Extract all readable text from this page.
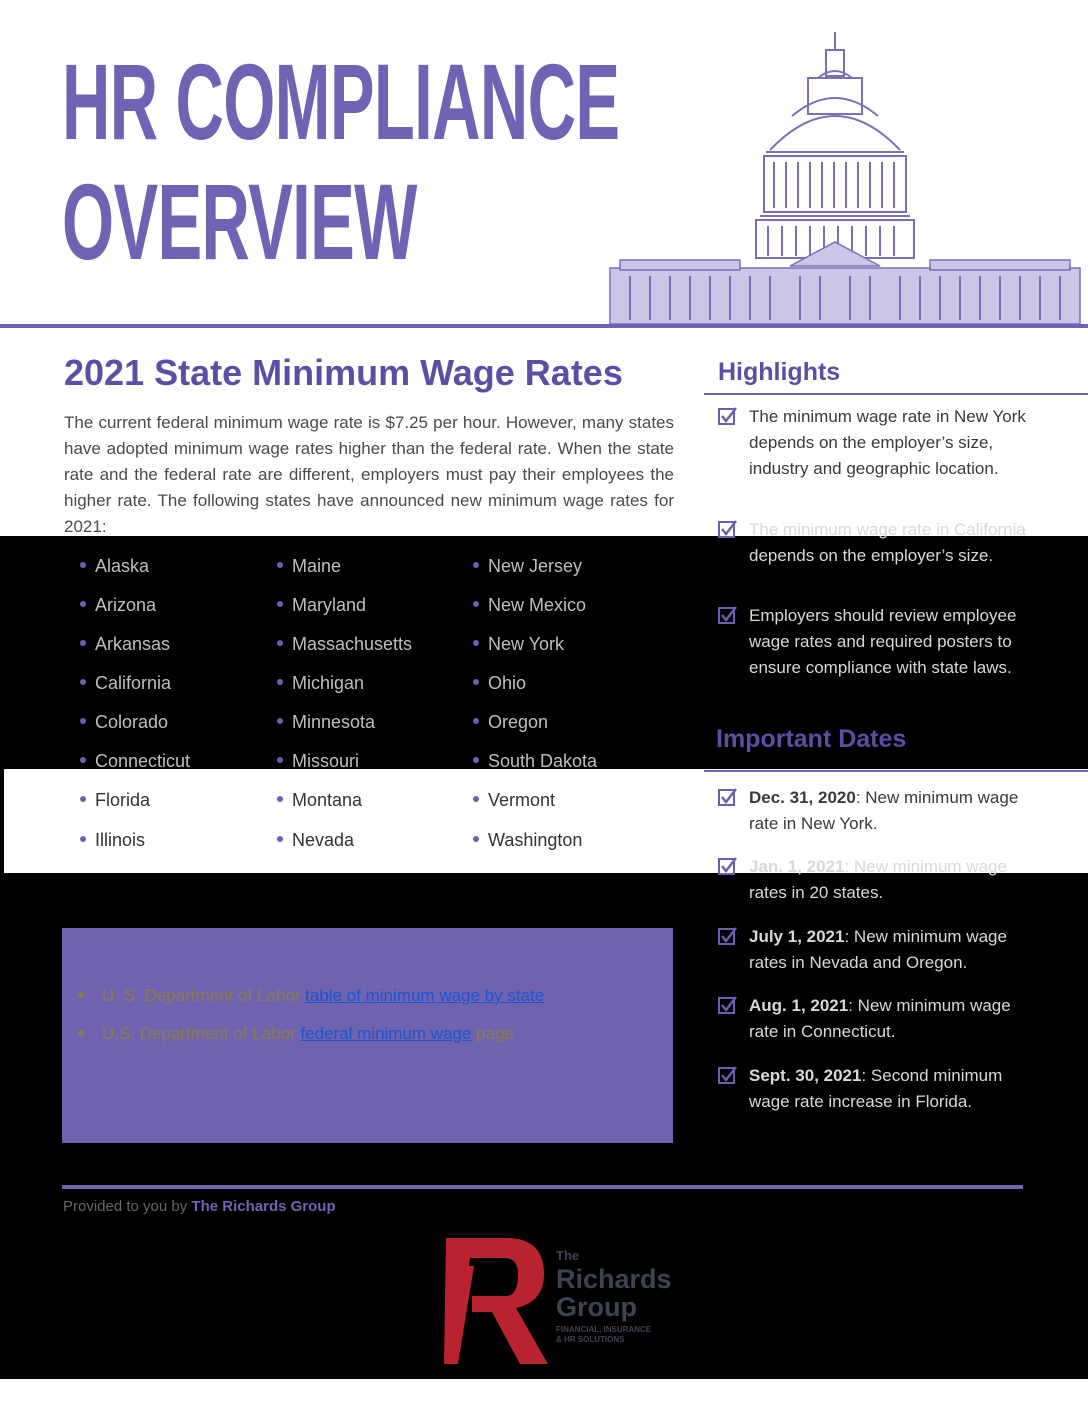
HR COMPLIANCE
OVERVIEW
2021 State Minimum Wage Rates

The current federal minimum wage rate is $7.25 per hour. However, many states have adopted minimum wage rates higher than the federal rate. When the state rate and the federal rate are different, employers must pay their employees the higher rate. The following states have announced new minimum wage rates for 2021:

Alaska
Arizona
Arkansas
California
Colorado
Connecticut
Florida
Illinois
Maine
Maryland
Massachusetts
Michigan
Minnesota
Missouri
Montana
Nevada
New Jersey
New Mexico
New York
Ohio
Oregon
South Dakota
Vermont
Washington
U. S. Department of Labor table of minimum wage by state
U.S. Department of Labor federal minimum wage page
Highlights
The minimum wage rate in New York depends on the employer’s size, industry and geographic location.
The minimum wage rate in California depends on the employer’s size.
Employers should review employee wage rates and required posters to ensure compliance with state laws.
Important Dates
Dec. 31, 2020: New minimum wage rate in New York.
Jan. 1, 2021: New minimum wage rates in 20 states.
July 1, 2021: New minimum wage rates in Nevada and Oregon.
Aug. 1, 2021: New minimum wage rate in Connecticut.
Sept. 30, 2021: Second minimum wage rate increase in Florida.
Provided to you by The Richards Group
The
Richards
Group
FINANCIAL, INSURANCE
& HR SOLUTIONS
